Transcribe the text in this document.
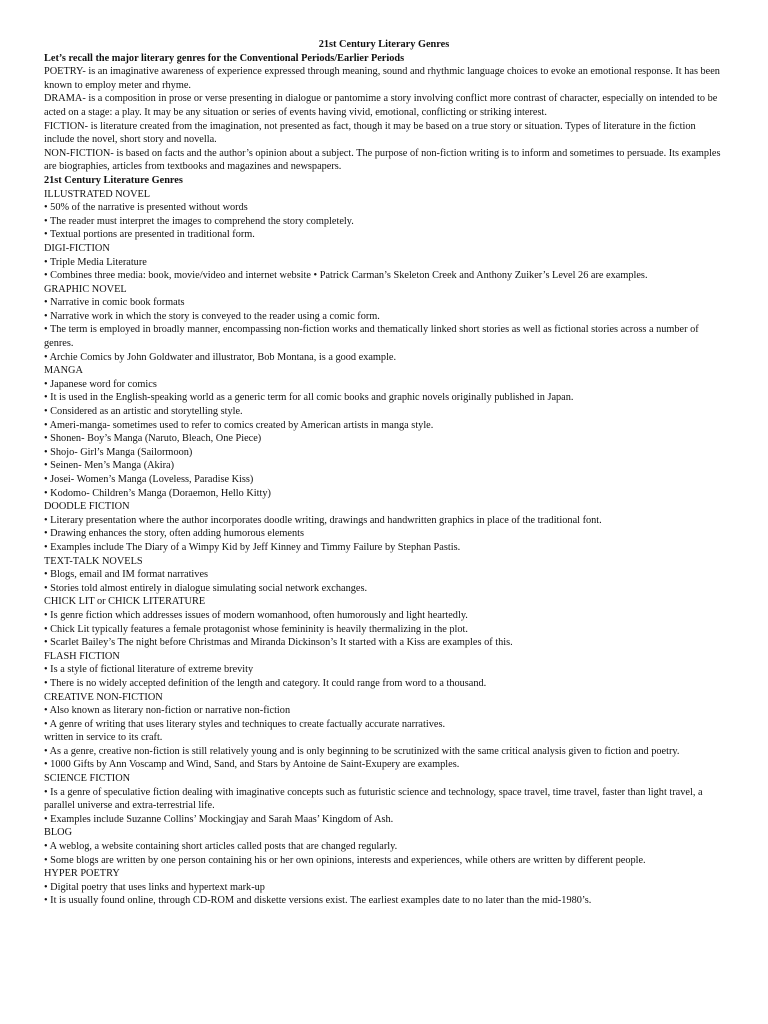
21st Century Literary Genres

Let’s recall the major literary genres for the Conventional Periods/Earlier Periods

POETRY- is an imaginative awareness of experience expressed through meaning, sound and rhythmic language choices to evoke an emotional response. It has been known to employ meter and rhyme.

DRAMA- is a composition in prose or verse presenting in dialogue or pantomime a story involving conflict more contrast of character, especially on intended to be acted on a stage: a play. It may be any situation or series of events having vivid, emotional, conflicting or striking interest.

FICTION- is literature created from the imagination, not presented as fact, though it may be based on a true story or situation. Types of literature in the fiction include the novel, short story and novella.

NON-FICTION- is based on facts and the author’s opinion about a subject. The purpose of non-fiction writing is to inform and sometimes to persuade. Its examples are biographies, articles from textbooks and magazines and newspapers.

21st Century Literature Genres

ILLUSTRATED NOVEL

• 50% of the narrative is presented without words

• The reader must interpret the images to comprehend the story completely.

• Textual portions are presented in traditional form.

DIGI-FICTION

• Triple Media Literature

• Combines three media: book, movie/video and internet website • Patrick Carman’s Skeleton Creek and Anthony Zuiker’s Level 26 are examples.

GRAPHIC NOVEL

• Narrative in comic book formats

• Narrative work in which the story is conveyed to the reader using a comic form.

• The term is employed in broadly manner, encompassing non-fiction works and thematically linked short stories as well as fictional stories across a number of genres.

• Archie Comics by John Goldwater and illustrator, Bob Montana, is a good example.

MANGA

• Japanese word for comics

• It is used in the English-speaking world as a generic term for all comic books and graphic novels originally published in Japan.

• Considered as an artistic and storytelling style.

• Ameri-manga- sometimes used to refer to comics created by American artists in manga style.

• Shonen- Boy’s Manga (Naruto, Bleach, One Piece)

• Shojo- Girl’s Manga (Sailormoon)

• Seinen- Men’s Manga (Akira)

• Josei- Women’s Manga (Loveless, Paradise Kiss)

• Kodomo- Children’s Manga (Doraemon, Hello Kitty)

DOODLE FICTION

• Literary presentation where the author incorporates doodle writing, drawings and handwritten graphics in place of the traditional font.

• Drawing enhances the story, often adding humorous elements

• Examples include The Diary of a Wimpy Kid by Jeff Kinney and Timmy Failure by Stephan Pastis.

TEXT-TALK NOVELS

• Blogs, email and IM format narratives

• Stories told almost entirely in dialogue simulating social network exchanges.

CHICK LIT or CHICK LITERATURE

• Is genre fiction which addresses issues of modern womanhood, often humorously and light heartedly.

• Chick Lit typically features a female protagonist whose femininity is heavily thermalizing in the plot.

• Scarlet Bailey’s The night before Christmas and Miranda Dickinson’s It started with a Kiss are examples of this.

FLASH FICTION

• Is a style of fictional literature of extreme brevity

• There is no widely accepted definition of the length and category. It could range from word to a thousand.

CREATIVE NON-FICTION

• Also known as literary non-fiction or narrative non-fiction

• A genre of writing that uses literary styles and techniques to create factually accurate narratives.

written in service to its craft.

• As a genre, creative non-fiction is still relatively young and is only beginning to be scrutinized with the same critical analysis given to fiction and poetry.

• 1000 Gifts by Ann Voscamp and Wind, Sand, and Stars by Antoine de Saint-Exupery are examples.

SCIENCE FICTION

• Is a genre of speculative fiction dealing with imaginative concepts such as futuristic science and technology, space travel, time travel, faster than light travel, a parallel universe and extra-terrestrial life.

• Examples include Suzanne Collins’ Mockingjay and Sarah Maas’ Kingdom of Ash.

BLOG

• A weblog, a website containing short articles called posts that are changed regularly.

• Some blogs are written by one person containing his or her own opinions, interests and experiences, while others are written by different people.

HYPER POETRY

• Digital poetry that uses links and hypertext mark-up

• It is usually found online, through CD-ROM and diskette versions exist. The earliest examples date to no later than the mid-1980’s.
